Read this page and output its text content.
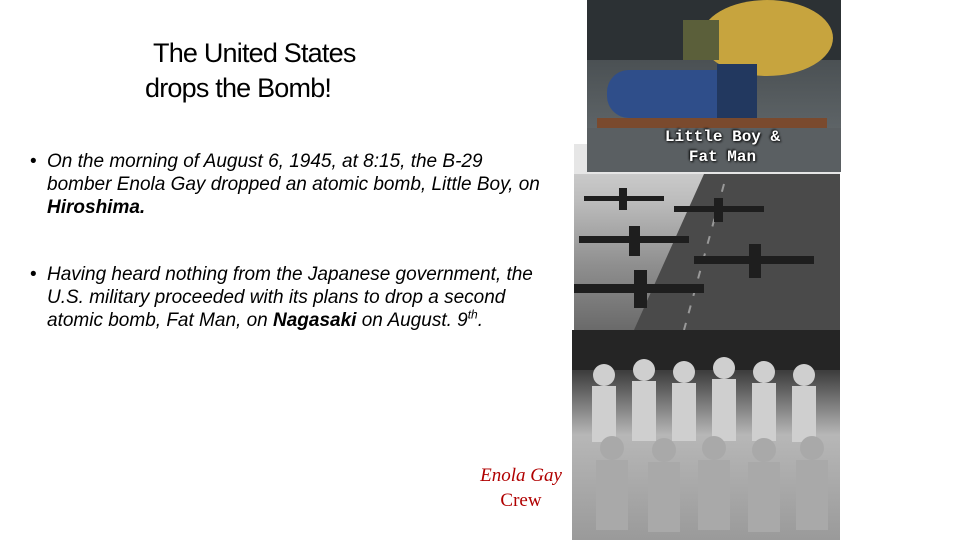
The United States
drops the Bomb!
• On the morning of August 6, 1945, at 8:15, the B-29 bomber Enola Gay dropped an atomic bomb, Little Boy, on Hiroshima.
• Having heard nothing from the Japanese government, the U.S. military proceeded with its plans to drop a second atomic bomb, Fat Man, on Nagasaki on August. 9th.
Little Boy &
Fat Man
Enola Gay
Crew
